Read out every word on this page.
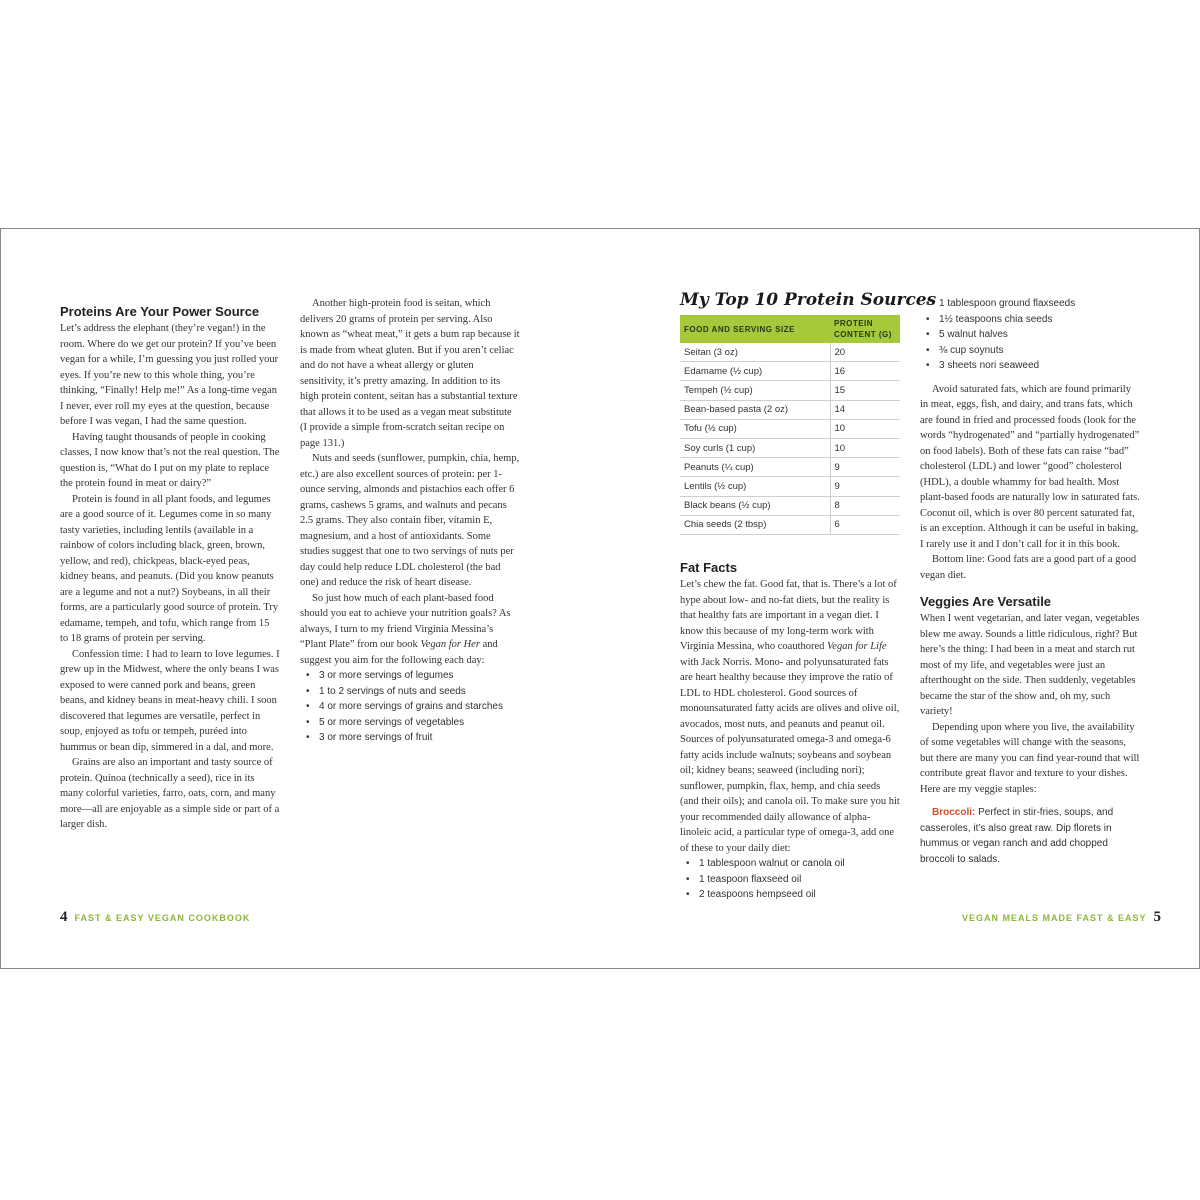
Proteins Are Your Power Source

Let’s address the elephant (they’re vegan!) in the room. Where do we get our protein? If you’ve been vegan for a while, I’m guessing you just rolled your eyes. If you’re new to this whole thing, you’re thinking, “Finally! Help me!” As a long-time vegan I never, ever roll my eyes at the question, because before I was vegan, I had the same question.

Having taught thousands of people in cooking classes, I now know that’s not the real question. The question is, “What do I put on my plate to replace the protein found in meat or dairy?”

Protein is found in all plant foods, and legumes are a good source of it. Legumes come in so many tasty varieties, including lentils (available in a rainbow of colors including black, green, brown, yellow, and red), chickpeas, black-eyed peas, kidney beans, and peanuts. (Did you know peanuts are a legume and not a nut?) Soybeans, in all their forms, are a particularly good source of protein. Try edamame, tempeh, and tofu, which range from 15 to 18 grams of protein per serving.

Confession time: I had to learn to love legumes. I grew up in the Midwest, where the only beans I was exposed to were canned pork and beans, green beans, and kidney beans in meat-heavy chili. I soon discovered that legumes are versatile, perfect in soup, enjoyed as tofu or tempeh, puréed into hummus or bean dip, simmered in a dal, and more.

Grains are also an important and tasty source of protein. Quinoa (technically a seed), rice in its many colorful varieties, farro, oats, corn, and many more—all are enjoyable as a simple side or part of a larger dish.

Another high-protein food is seitan, which delivers 20 grams of protein per serving. Also known as “wheat meat,” it gets a bum rap because it is made from wheat gluten. But if you aren’t celiac and do not have a wheat allergy or gluten sensitivity, it’s pretty amazing. In addition to its high protein content, seitan has a substantial texture that allows it to be used as a vegan meat substitute (I provide a simple from-scratch seitan recipe on page 131.)

Nuts and seeds (sunflower, pumpkin, chia, hemp, etc.) are also excellent sources of protein: per 1-ounce serving, almonds and pistachios each offer 6 grams, cashews 5 grams, and walnuts and pecans 2.5 grams. They also contain fiber, vitamin E, magnesium, and a host of antioxidants. Some studies suggest that one to two servings of nuts per day could help reduce LDL cholesterol (the bad one) and reduce the risk of heart disease.

So just how much of each plant-based food should you eat to achieve your nutrition goals? As always, I turn to my friend Virginia Messina’s “Plant Plate” from our book Vegan for Her and suggest you aim for the following each day:

• 3 or more servings of legumes
• 1 to 2 servings of nuts and seeds
• 4 or more servings of grains and starches
• 5 or more servings of vegetables
• 3 or more servings of fruit
4 FAST & EASY VEGAN COOKBOOK
My Top 10 Protein Sources
FOOD AND SERVING SIZE	PROTEIN CONTENT (G)
Seitan (3 oz)	20
Edamame (½ cup)	16
Tempeh (½ cup)	15
Bean-based pasta (2 oz)	14
Tofu (½ cup)	10
Soy curls (1 cup)	10
Peanuts (¼ cup)	9
Lentils (½ cup)	9
Black beans (½ cup)	8
Chia seeds (2 tbsp)	6
Fat Facts

Let’s chew the fat. Good fat, that is. There’s a lot of hype about low- and no-fat diets, but the reality is that healthy fats are important in a vegan diet. I know this because of my long-term work with Virginia Messina, who coauthored Vegan for Life with Jack Norris. Mono- and polyunsaturated fats are heart healthy because they improve the ratio of LDL to HDL cholesterol. Good sources of monounsaturated fatty acids are olives and olive oil, avocados, most nuts, and peanuts and peanut oil. Sources of polyunsaturated omega-3 and omega-6 fatty acids include walnuts; soybeans and soybean oil; kidney beans; seaweed (including nori); sunflower, pumpkin, flax, hemp, and chia seeds (and their oils); and canola oil. To make sure you hit your recommended daily allowance of alpha-linoleic acid, a particular type of omega-3, add one of these to your daily diet:

• 1 tablespoon walnut or canola oil
• 1 teaspoon flaxseed oil
• 2 teaspoons hempseed oil
• 1 tablespoon ground flaxseeds
• 1½ teaspoons chia seeds
• 5 walnut halves
• ⅜ cup soynuts
• 3 sheets nori seaweed

Avoid saturated fats, which are found primarily in meat, eggs, fish, and dairy, and trans fats, which are found in fried and processed foods (look for the words “hydrogenated” and “partially hydrogenated” on food labels). Both of these fats can raise “bad” cholesterol (LDL) and lower “good” cholesterol (HDL), a double whammy for bad health. Most plant-based foods are naturally low in saturated fats. Coconut oil, which is over 80 percent saturated fat, is an exception. Although it can be useful in baking, I rarely use it and I don’t call for it in this book.

Bottom line: Good fats are a good part of a good vegan diet.

Veggies Are Versatile

When I went vegetarian, and later vegan, vegetables blew me away. Sounds a little ridiculous, right? But here’s the thing: I had been in a meat and starch rut most of my life, and vegetables were just an afterthought on the side. Then suddenly, vegetables became the star of the show and, oh my, such variety!

Depending upon where you live, the availability of some vegetables will change with the seasons, but there are many you can find year-round that will contribute great flavor and texture to your dishes. Here are my veggie staples:

Broccoli: Perfect in stir-fries, soups, and casseroles, it’s also great raw. Dip florets in hummus or vegan ranch and add chopped broccoli to salads.

VEGAN MEALS MADE FAST & EASY 5
